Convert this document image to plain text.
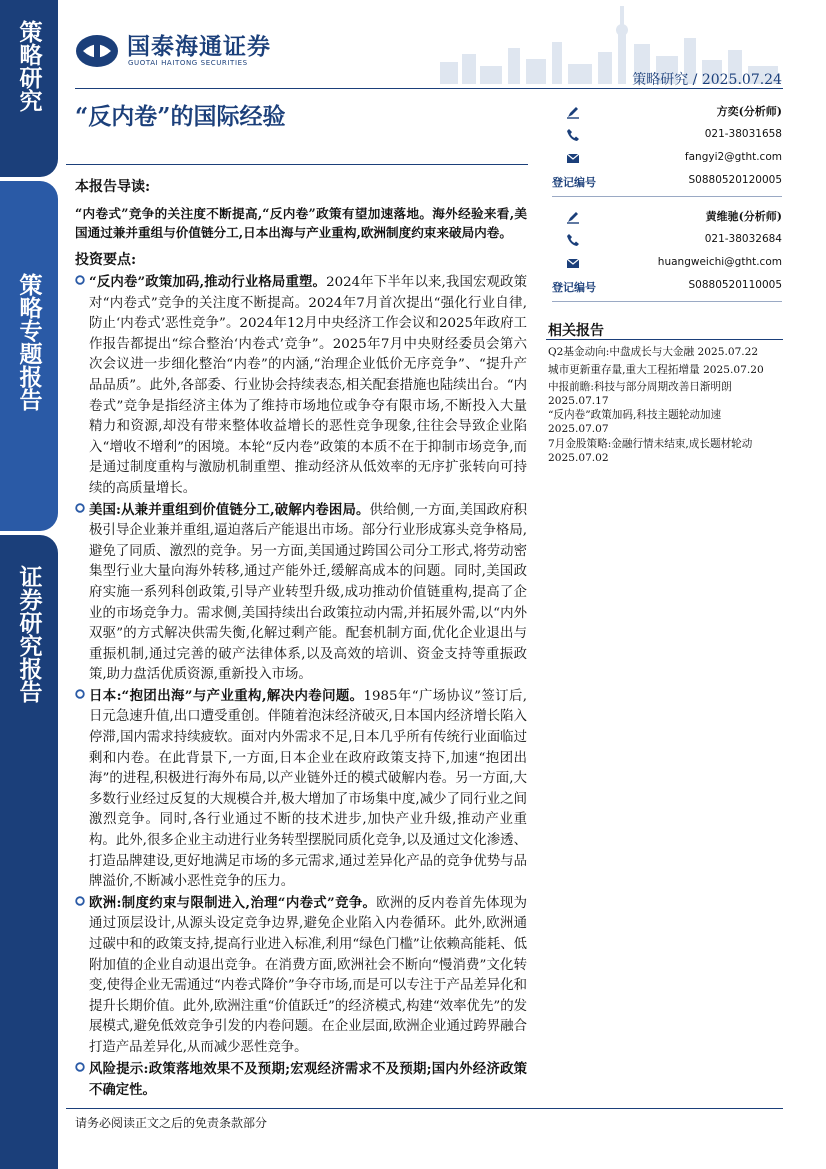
策略研究
策略专题报告
证券研究报告
国泰海通证券
GUOTAI HAITONG SECURITIES
策略研究 / 2025.07.24
“反内卷”的国际经验
本报告导读:
“内卷式”竞争的关注度不断提高,“反内卷”政策有望加速落地。海外经验来看,美国通过兼并重组与价值链分工,日本出海与产业重构,欧洲制度约束来破局内卷。
投资要点:

“反内卷”政策加码,推动行业格局重塑。2024年下半年以来,我国宏观政策对“内卷式”竞争的关注度不断提高。2024年7月首次提出“强化行业自律,防止‘内卷式’恶性竞争”。2024年12月中央经济工作会议和2025年政府工作报告都提出“综合整治‘内卷式’竞争”。2025年7月中央财经委员会第六次会议进一步细化整治“内卷”的内涵,“治理企业低价无序竞争”、“提升产品品质”。此外,各部委、行业协会持续表态,相关配套措施也陆续出台。“内卷式”竞争是指经济主体为了维持市场地位或争夺有限市场,不断投入大量精力和资源,却没有带来整体收益增长的恶性竞争现象,往往会导致企业陷入“增收不增利”的困境。本轮“反内卷”政策的本质不在于抑制市场竞争,而是通过制度重构与激励机制重塑、推动经济从低效率的无序扩张转向可持续的高质量增长。

美国:从兼并重组到价值链分工,破解内卷困局。供给侧,一方面,美国政府积极引导企业兼并重组,逼迫落后产能退出市场。部分行业形成寡头竞争格局,避免了同质、激烈的竞争。另一方面,美国通过跨国公司分工形式,将劳动密集型行业大量向海外转移,通过产能外迁,缓解高成本的问题。同时,美国政府实施一系列科创政策,引导产业转型升级,成功推动价值链重构,提高了企业的市场竞争力。需求侧,美国持续出台政策拉动内需,并拓展外需,以“内外双驱”的方式解决供需失衡,化解过剩产能。配套机制方面,优化企业退出与重振机制,通过完善的破产法律体系,以及高效的培训、资金支持等重振政策,助力盘活优质资源,重新投入市场。

日本:“抱团出海”与产业重构,解决内卷问题。1985年“广场协议”签订后,日元急速升值,出口遭受重创。伴随着泡沫经济破灭,日本国内经济增长陷入停滞,国内需求持续疲软。面对内外需求不足,日本几乎所有传统行业面临过剩和内卷。在此背景下,一方面,日本企业在政府政策支持下,加速“抱团出海”的进程,积极进行海外布局,以产业链外迁的模式破解内卷。另一方面,大多数行业经过反复的大规模合并,极大增加了市场集中度,减少了同行业之间激烈竞争。同时,各行业通过不断的技术进步,加快产业升级,推动产业重构。此外,很多企业主动进行业务转型摆脱同质化竞争,以及通过文化渗透、打造品牌建设,更好地满足市场的多元需求,通过差异化产品的竞争优势与品牌溢价,不断减小恶性竞争的压力。

欧洲:制度约束与限制进入,治理“内卷式”竞争。欧洲的反内卷首先体现为通过顶层设计,从源头设定竞争边界,避免企业陷入内卷循环。此外,欧洲通过碳中和的政策支持,提高行业进入标准,利用“绿色门槛”让依赖高能耗、低附加值的企业自动退出竞争。在消费方面,欧洲社会不断向“慢消费”文化转变,使得企业无需通过“内卷式降价”争夺市场,而是可以专注于产品差异化和提升长期价值。此外,欧洲注重“价值跃迁”的经济模式,构建“效率优先”的发展模式,避免低效竞争引发的内卷问题。在企业层面,欧洲企业通过跨界融合打造产品差异化,从而减少恶性竞争。

风险提示:政策落地效果不及预期;宏观经济需求不及预期;国内外经济政策不确定性。

方奕(分析师)
021-38031658
fangyi2@gtht.com
登记编号	S0880520120005
黄维驰(分析师)
021-38032684
huangweichi@gtht.com
登记编号	S0880520110005
相关报告
Q2基金动向:中盘成长与大金融 2025.07.22
城市更新重存量,重大工程拓增量 2025.07.20
中报前瞻:科技与部分周期改善日渐明朗
2025.07.17
“反内卷”政策加码,科技主题轮动加速
2025.07.07
7月金股策略:金融行情未结束,成长题材轮动
2025.07.02
请务必阅读正文之后的免责条款部分
